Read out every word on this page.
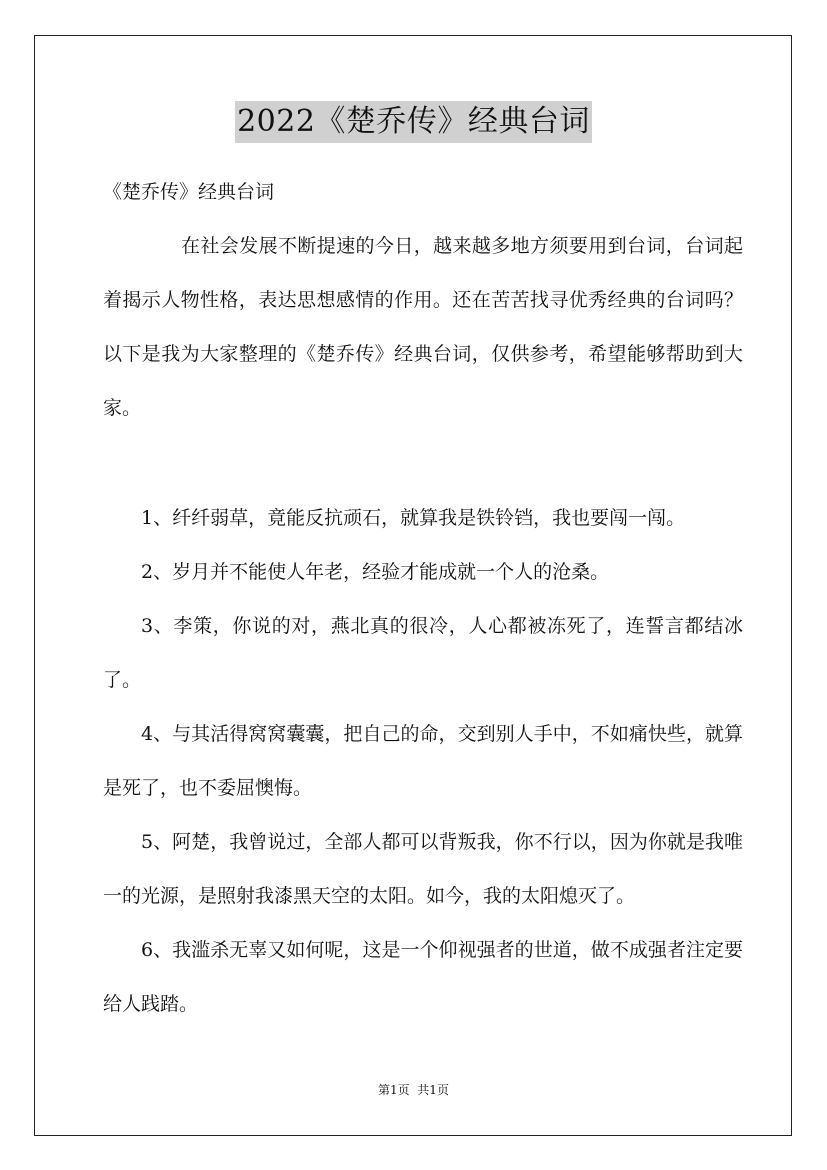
2022《楚乔传》经典台词
《楚乔传》经典台词

在社会发展不断提速的今日，越来越多地方须要用到台词，台词起着揭示人物性格，表达思想感情的作用。还在苦苦找寻优秀经典的台词吗？以下是我为大家整理的《楚乔传》经典台词，仅供参考，希望能够帮助到大家。

1、纤纤弱草，竟能反抗顽石，就算我是铁铃铛，我也要闯一闯。

2、岁月并不能使人年老，经验才能成就一个人的沧桑。

3、李策，你说的对，燕北真的很冷，人心都被冻死了，连誓言都结冰了。

4、与其活得窝窝囊囊，把自己的命，交到别人手中，不如痛快些，就算是死了，也不委屈懊悔。

5、阿楚，我曾说过，全部人都可以背叛我，你不行以，因为你就是我唯一的光源，是照射我漆黑天空的太阳。如今，我的太阳熄灭了。

6、我滥杀无辜又如何呢，这是一个仰视强者的世道，做不成强者注定要给人践踏。

第1页  共1页
